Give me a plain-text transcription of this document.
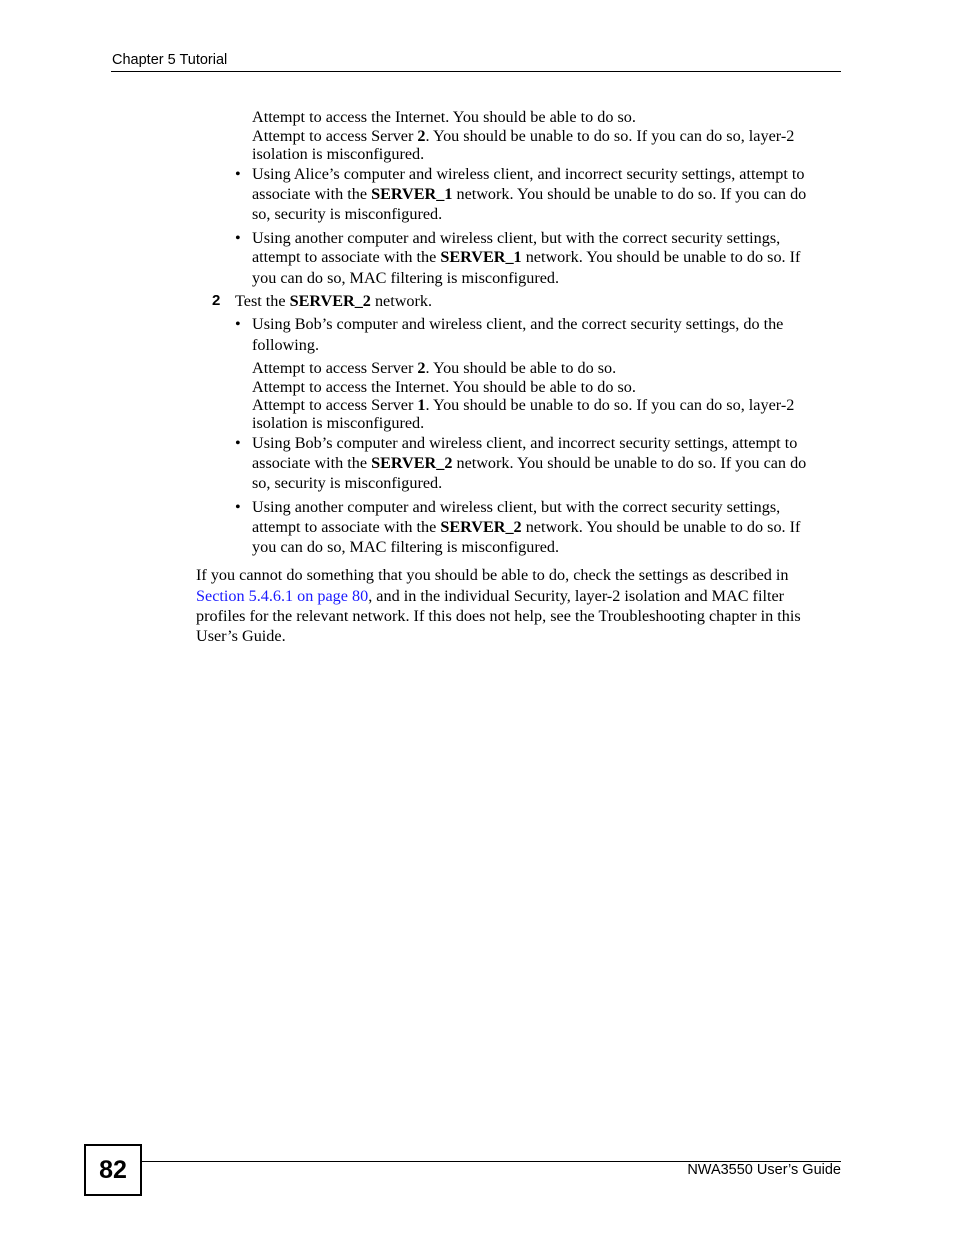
Chapter 5 Tutorial
Attempt to access the Internet. You should be able to do so.
Attempt to access Server 2. You should be unable to do so. If you can do so, layer-2
isolation is misconfigured.
• Using Alice’s computer and wireless client, and incorrect security settings, attempt to
associate with the SERVER_1 network. You should be unable to do so. If you can do
so, security is misconfigured.
• Using another computer and wireless client, but with the correct security settings,
attempt to associate with the SERVER_1 network. You should be unable to do so. If
you can do so, MAC filtering is misconfigured.
2 Test the SERVER_2 network.
• Using Bob’s computer and wireless client, and the correct security settings, do the
following.
Attempt to access Server 2. You should be able to do so.
Attempt to access the Internet. You should be able to do so.
Attempt to access Server 1. You should be unable to do so. If you can do so, layer-2
isolation is misconfigured.
• Using Bob’s computer and wireless client, and incorrect security settings, attempt to
associate with the SERVER_2 network. You should be unable to do so. If you can do
so, security is misconfigured.
• Using another computer and wireless client, but with the correct security settings,
attempt to associate with the SERVER_2 network. You should be unable to do so. If
you can do so, MAC filtering is misconfigured.
If you cannot do something that you should be able to do, check the settings as described in
Section 5.4.6.1 on page 80, and in the individual Security, layer-2 isolation and MAC filter
profiles for the relevant network. If this does not help, see the Troubleshooting chapter in this
User’s Guide.
82	NWA3550 User’s Guide
